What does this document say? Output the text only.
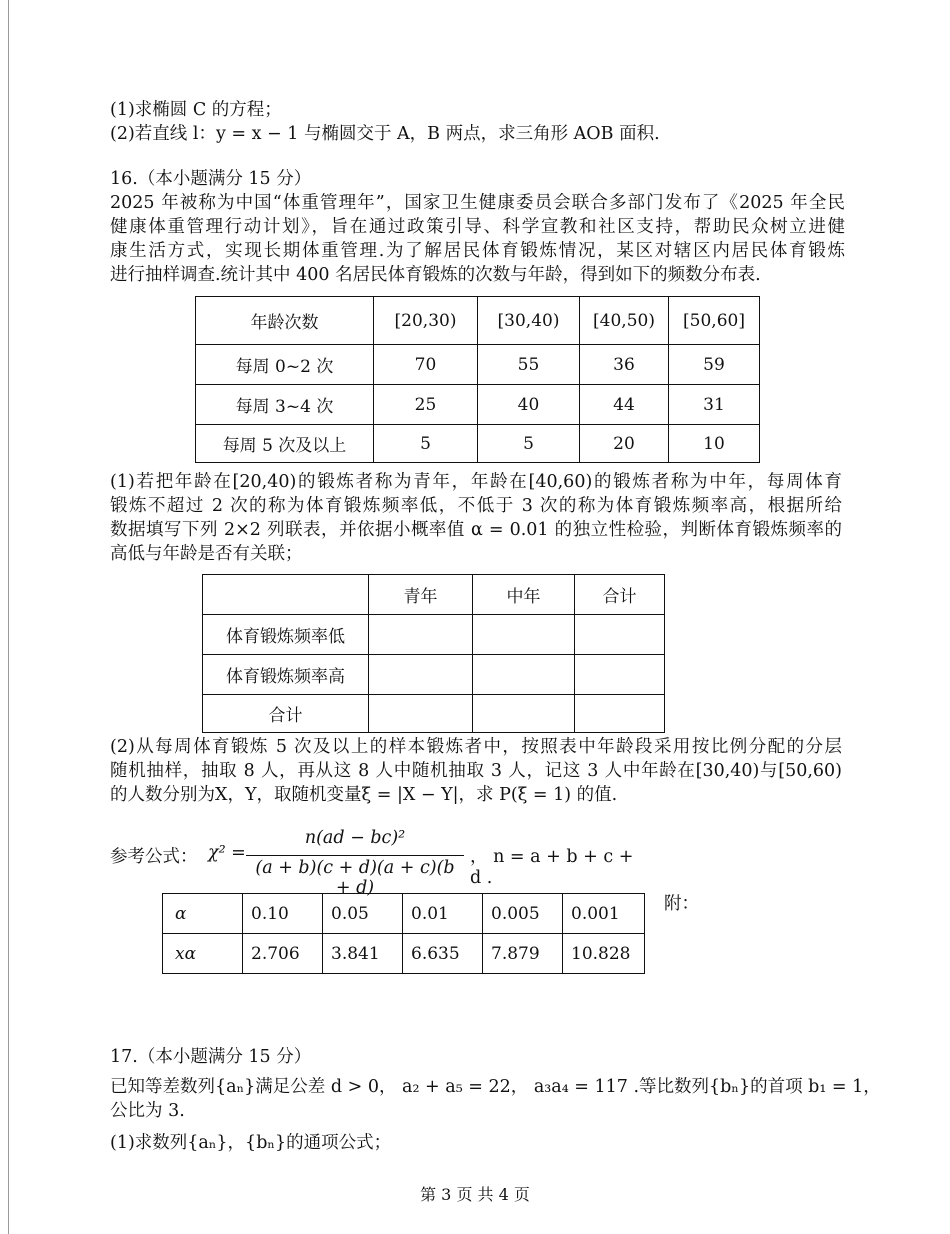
(1)求椭圆 C 的方程；
(2)若直线 l：y = x − 1 与椭圆交于 A，B 两点，求三角形 AOB 面积.
16.（本小题满分 15 分）
2025 年被称为中国“体重管理年”，国家卫生健康委员会联合多部门发布了《2025 年全民
健康体重管理行动计划》，旨在通过政策引导、科学宣教和社区支持，帮助民众树立进健
康生活方式，实现长期体重管理.为了解居民体育锻炼情况，某区对辖区内居民体育锻炼
进行抽样调查.统计其中 400 名居民体育锻炼的次数与年龄，得到如下的频数分布表.
年龄次数	[20,30)	[30,40)	[40,50)	[50,60]
每周 0~2 次	70	55	36	59
每周 3~4 次	25	40	44	31
每周 5 次及以上	5	5	20	10
(1)若把年龄在[20,40)的锻炼者称为青年，年龄在[40,60)的锻炼者称为中年，每周体育
锻炼不超过 2 次的称为体育锻炼频率低，不低于 3 次的称为体育锻炼频率高，根据所给
数据填写下列 2×2 列联表，并依据小概率值 α = 0.01 的独立性检验，判断体育锻炼频率的
高低与年龄是否有关联；
	青年	中年	合计
体育锻炼频率低			
体育锻炼频率高			
合计			
(2)从每周体育锻炼 5 次及以上的样本锻炼者中，按照表中年龄段采用按比例分配的分层
随机抽样，抽取 8 人，再从这 8 人中随机抽取 3 人，记这 3 人中年龄在[30,40)与[50,60)
的人数分别为X，Y，取随机变量ξ = |X − Y|，求 P(ξ = 1) 的值.
参考公式： χ² =
n(ad − bc)²
(a + b)(c + d)(a + c)(b + d)
， n = a + b + c + d .
α	0.10	0.05	0.01	0.005	0.001
xα	2.706	3.841	6.635	7.879	10.828
附：
17.（本小题满分 15 分）
已知等差数列{aₙ}满足公差 d > 0， a₂ + a₅ = 22， a₃a₄ = 117 .等比数列{bₙ}的首项 b₁ = 1，
公比为 3.
(1)求数列{aₙ}，{bₙ}的通项公式；
第 3 页 共 4 页
